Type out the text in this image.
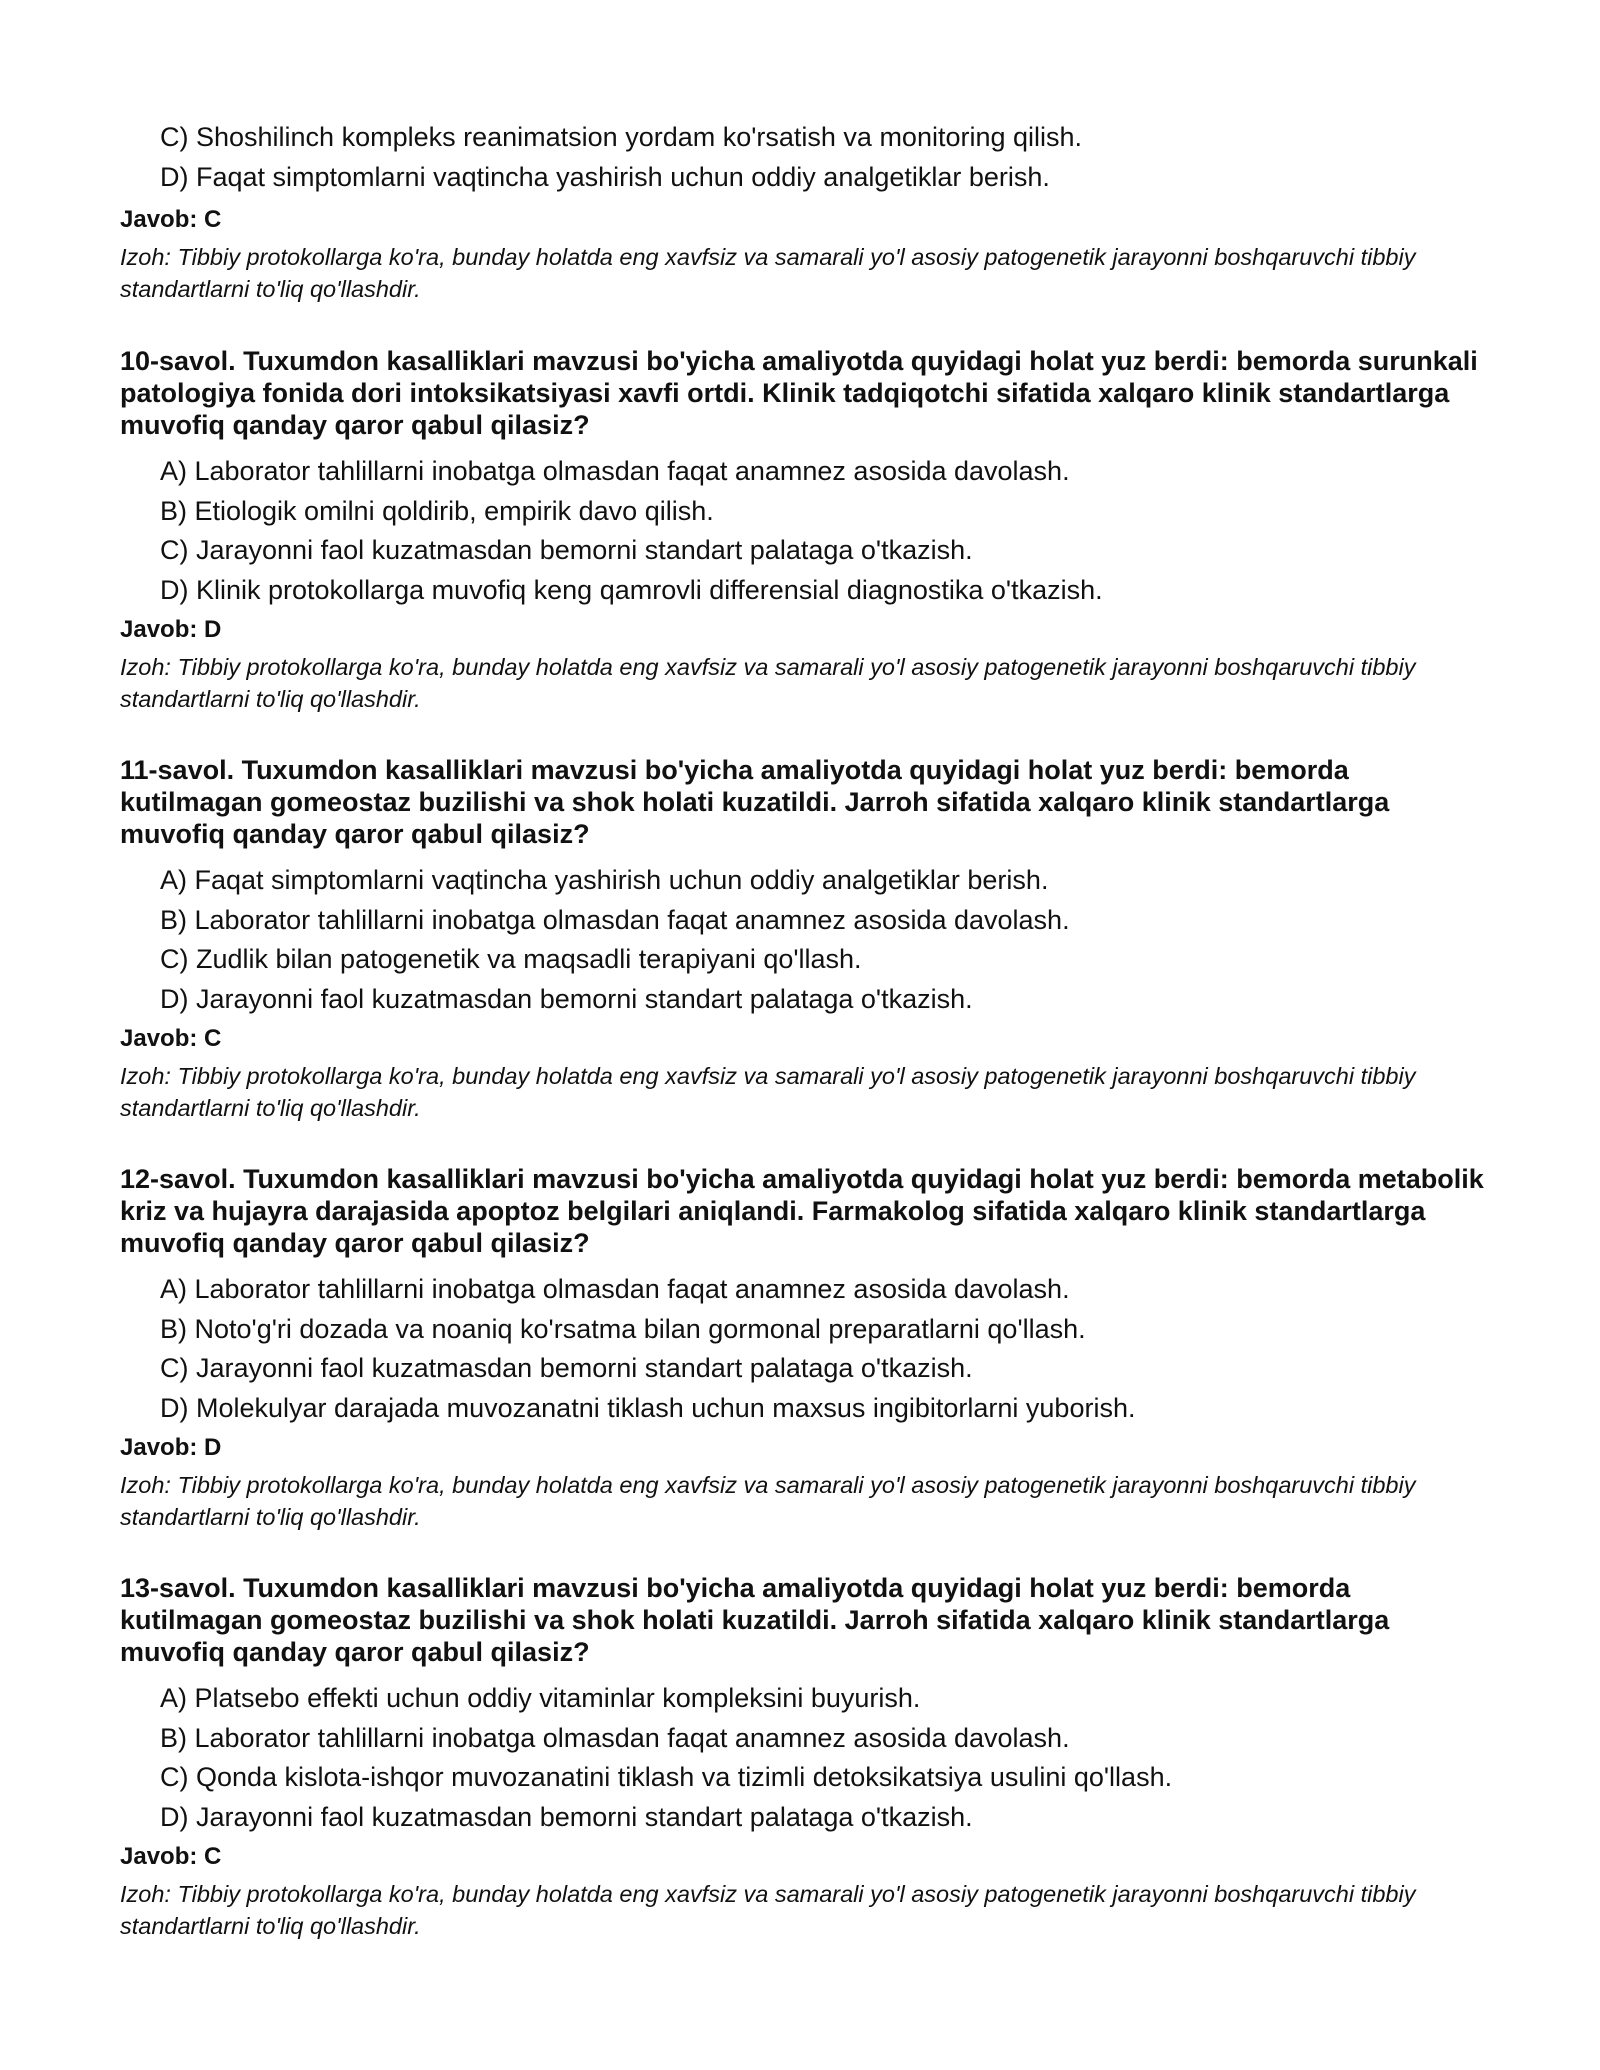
C) Shoshilinch kompleks reanimatsion yordam ko'rsatish va monitoring qilish.

D) Faqat simptomlarni vaqtincha yashirish uchun oddiy analgetiklar berish.

Javob: C

Izoh: Tibbiy protokollarga ko'ra, bunday holatda eng xavfsiz va samarali yo'l asosiy patogenetik jarayonni boshqaruvchi tibbiy standartlarni to'liq qo'llashdir.

10-savol. Tuxumdon kasalliklari mavzusi bo'yicha amaliyotda quyidagi holat yuz berdi: bemorda surunkali patologiya fonida dori intoksikatsiyasi xavfi ortdi. Klinik tadqiqotchi sifatida xalqaro klinik standartlarga muvofiq qanday qaror qabul qilasiz?

A) Laborator tahlillarni inobatga olmasdan faqat anamnez asosida davolash.

B) Etiologik omilni qoldirib, empirik davo qilish.

C) Jarayonni faol kuzatmasdan bemorni standart palataga o'tkazish.

D) Klinik protokollarga muvofiq keng qamrovli differensial diagnostika o'tkazish.

Javob: D

Izoh: Tibbiy protokollarga ko'ra, bunday holatda eng xavfsiz va samarali yo'l asosiy patogenetik jarayonni boshqaruvchi tibbiy standartlarni to'liq qo'llashdir.

11-savol. Tuxumdon kasalliklari mavzusi bo'yicha amaliyotda quyidagi holat yuz berdi: bemorda kutilmagan gomeostaz buzilishi va shok holati kuzatildi. Jarroh sifatida xalqaro klinik standartlarga muvofiq qanday qaror qabul qilasiz?

A) Faqat simptomlarni vaqtincha yashirish uchun oddiy analgetiklar berish.

B) Laborator tahlillarni inobatga olmasdan faqat anamnez asosida davolash.

C) Zudlik bilan patogenetik va maqsadli terapiyani qo'llash.

D) Jarayonni faol kuzatmasdan bemorni standart palataga o'tkazish.

Javob: C

Izoh: Tibbiy protokollarga ko'ra, bunday holatda eng xavfsiz va samarali yo'l asosiy patogenetik jarayonni boshqaruvchi tibbiy standartlarni to'liq qo'llashdir.

12-savol. Tuxumdon kasalliklari mavzusi bo'yicha amaliyotda quyidagi holat yuz berdi: bemorda metabolik kriz va hujayra darajasida apoptoz belgilari aniqlandi. Farmakolog sifatida xalqaro klinik standartlarga muvofiq qanday qaror qabul qilasiz?

A) Laborator tahlillarni inobatga olmasdan faqat anamnez asosida davolash.

B) Noto'g'ri dozada va noaniq ko'rsatma bilan gormonal preparatlarni qo'llash.

C) Jarayonni faol kuzatmasdan bemorni standart palataga o'tkazish.

D) Molekulyar darajada muvozanatni tiklash uchun maxsus ingibitorlarni yuborish.

Javob: D

Izoh: Tibbiy protokollarga ko'ra, bunday holatda eng xavfsiz va samarali yo'l asosiy patogenetik jarayonni boshqaruvchi tibbiy standartlarni to'liq qo'llashdir.

13-savol. Tuxumdon kasalliklari mavzusi bo'yicha amaliyotda quyidagi holat yuz berdi: bemorda kutilmagan gomeostaz buzilishi va shok holati kuzatildi. Jarroh sifatida xalqaro klinik standartlarga muvofiq qanday qaror qabul qilasiz?

A) Platsebo effekti uchun oddiy vitaminlar kompleksini buyurish.

B) Laborator tahlillarni inobatga olmasdan faqat anamnez asosida davolash.

C) Qonda kislota-ishqor muvozanatini tiklash va tizimli detoksikatsiya usulini qo'llash.

D) Jarayonni faol kuzatmasdan bemorni standart palataga o'tkazish.

Javob: C

Izoh: Tibbiy protokollarga ko'ra, bunday holatda eng xavfsiz va samarali yo'l asosiy patogenetik jarayonni boshqaruvchi tibbiy standartlarni to'liq qo'llashdir.
